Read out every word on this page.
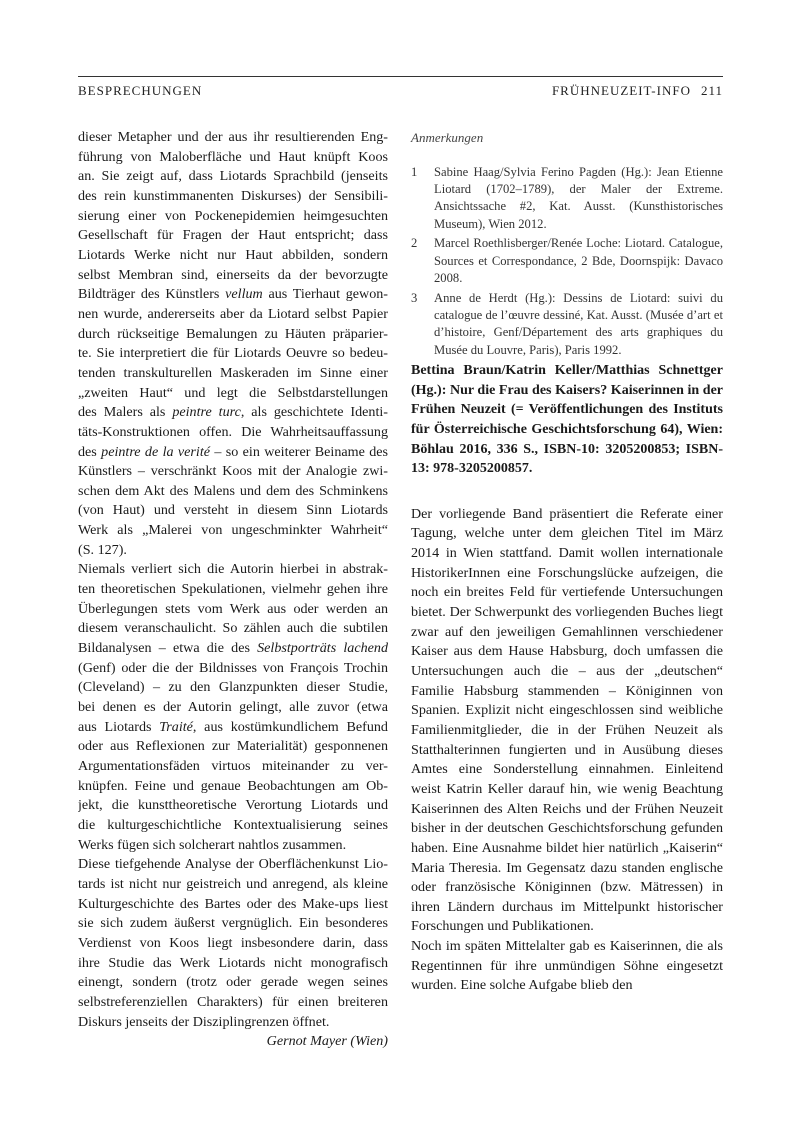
BESPRECHUNGEN	FRÜHNEUZEIT-INFO 211
dieser Metapher und der aus ihr resultierenden Eng-
führung von Maloberfläche und Haut knüpft Koos
an. Sie zeigt auf, dass Liotards Sprachbild (jenseits
des rein kunstimmanenten Diskurses) der Sensibili-
sierung einer von Pockenepidemien heimgesuchten
Gesellschaft für Fragen der Haut entspricht; dass
Liotards Werke nicht nur Haut abbilden, sondern
selbst Membran sind, einerseits da der bevorzugte
Bildträger des Künstlers vellum aus Tierhaut gewon-
nen wurde, andererseits aber da Liotard selbst Papier
durch rückseitige Bemalungen zu Häuten präparier-
te. Sie interpretiert die für Liotards Oeuvre so bedeu-
tenden transkulturellen Maskeraden im Sinne einer
„zweiten Haut“ und legt die Selbstdarstellungen
des Malers als peintre turc, als geschichtete Identi-
täts-Konstruktionen offen. Die Wahrheitsauffassung
des peintre de la verité – so ein weiterer Beiname des
Künstlers – verschränkt Koos mit der Analogie zwi-
schen dem Akt des Malens und dem des Schminkens
(von Haut) und versteht in diesem Sinn Liotards
Werk als „Malerei von ungeschminkter Wahrheit“
(S. 127).
Niemals verliert sich die Autorin hierbei in abstrak-
ten theoretischen Spekulationen, vielmehr gehen ihre
Überlegungen stets vom Werk aus oder werden an
diesem veranschaulicht. So zählen auch die subtilen
Bildanalysen – etwa die des Selbstporträts lachend
(Genf) oder die der Bildnisses von François Trochin
(Cleveland) – zu den Glanzpunkten dieser Studie,
bei denen es der Autorin gelingt, alle zuvor (etwa
aus Liotards Traité, aus kostümkundlichem Befund
oder aus Reflexionen zur Materialität) gesponnenen
Argumentationsfäden virtuos miteinander zu ver-
knüpfen. Feine und genaue Beobachtungen am Ob-
jekt, die kunsttheoretische Verortung Liotards und
die kulturgeschichtliche Kontextualisierung seines
Werks fügen sich solcherart nahtlos zusammen.
Diese tiefgehende Analyse der Oberflächenkunst Lio-
tards ist nicht nur geistreich und anregend, als kleine
Kulturgeschichte des Bartes oder des Make-ups liest
sie sich zudem äußerst vergnüglich. Ein besonderes
Verdienst von Koos liegt insbesondere darin, dass
ihre Studie das Werk Liotards nicht monografisch
einengt, sondern (trotz oder gerade wegen seines
selbstreferenziellen Charakters) für einen breiteren
Diskurs jenseits der Disziplingrenzen öffnet.
Gernot Mayer (Wien)
Anmerkungen
1	Sabine Haag/Sylvia Ferino Pagden (Hg.): Jean Etienne Liotard (1702–1789), der Maler der Extreme. Ansichtssache #2, Kat. Ausst. (Kunsthistorisches Museum), Wien 2012.
2	Marcel Roethlisberger/Renée Loche: Liotard. Catalogue, Sources et Correspondance, 2 Bde, Doornspijk: Davaco 2008.
3	Anne de Herdt (Hg.): Dessins de Liotard: suivi du catalogue de l’œuvre dessiné, Kat. Ausst. (Musée d’art et d’histoire, Genf/Département des arts graphiques du Musée du Louvre, Paris), Paris 1992.

Bettina Braun/Katrin Keller/Matthias Schnettger (Hg.): Nur die Frau des Kaisers? Kaiserinnen in der Frühen Neuzeit (= Veröffentlichungen des Instituts für Österreichische Geschichtsforschung 64), Wien: Böhlau 2016, 336 S., ISBN-10: 3205200853; ISBN-13: 978-3205200857.

Der vorliegende Band präsentiert die Referate einer Tagung, welche unter dem gleichen Titel im März 2014 in Wien stattfand. Damit wollen internationale HistorikerInnen eine Forschungslücke aufzeigen, die noch ein breites Feld für vertiefende Untersuchungen bietet. Der Schwerpunkt des vorliegenden Buches liegt zwar auf den jeweiligen Gemahlinnen verschiedener Kaiser aus dem Hause Habsburg, doch umfassen die Untersuchungen auch die – aus der „deutschen“ Familie Habsburg stammenden – Königinnen von Spanien. Explizit nicht eingeschlossen sind weibliche Familienmitglieder, die in der Frühen Neuzeit als Statthalterinnen fungierten und in Ausübung dieses Amtes eine Sonderstellung einnahmen. Einleitend weist Katrin Keller darauf hin, wie wenig Beachtung Kaiserinnen des Alten Reichs und der Frühen Neuzeit bisher in der deutschen Geschichtsforschung gefunden haben. Eine Ausnahme bildet hier natürlich „Kaiserin“ Maria Theresia. Im Gegensatz dazu standen englische oder französische Königinnen (bzw. Mätressen) in ihren Ländern durchaus im Mittelpunkt historischer Forschungen und Publikationen.

Noch im späten Mittelalter gab es Kaiserinnen, die als Regentinnen für ihre unmündigen Söhne eingesetzt wurden. Eine solche Aufgabe blieb den
